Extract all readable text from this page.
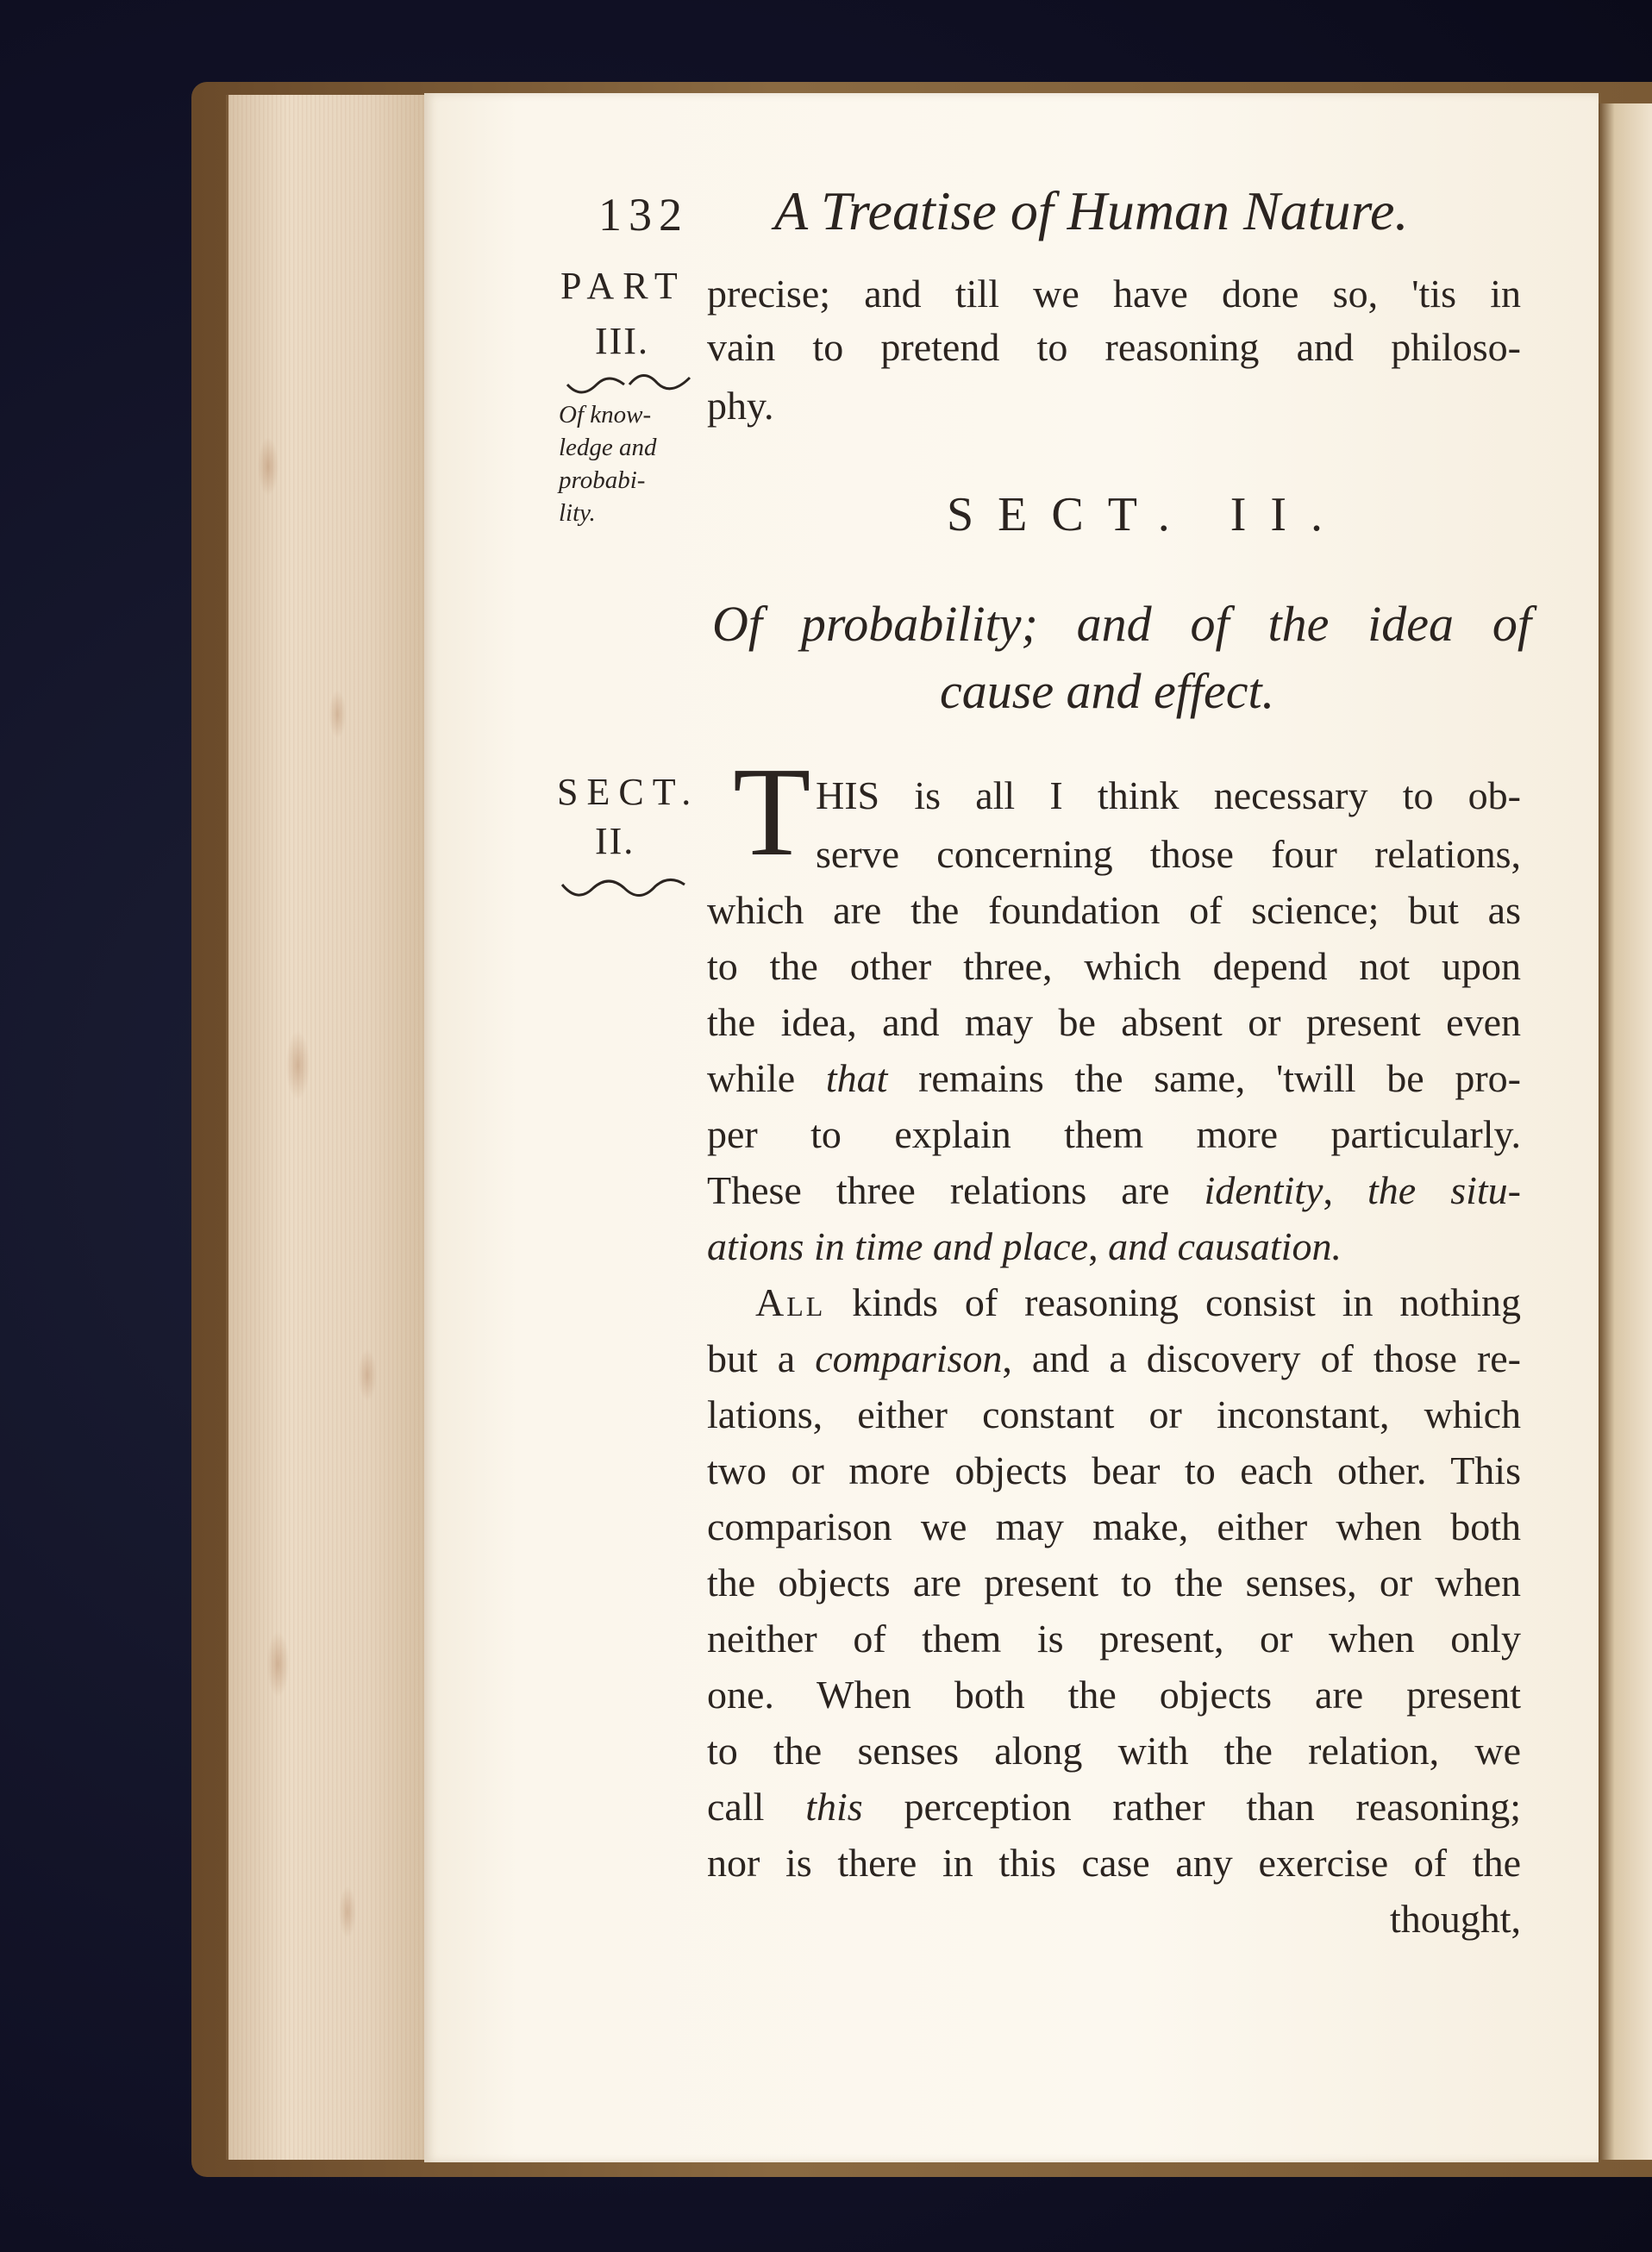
132 A Treatise of Human Nature.
PART
III.
Of know-
ledge and
probabi-
lity.
SECT.
II.
precise; and till we have done so, 'tis in
vain to pretend to reasoning and philoso-
phy.
SECT. II.
Of probability; and of the idea of
cause and effect.
T HIS is all I think necessary to ob-
serve concerning those four relations,
which are the foundation of science; but as
to the other three, which depend not upon
the idea, and may be absent or present even
while that remains the same, 'twill be pro-
per to explain them more particularly.
These three relations are identity, the situ-
ations in time and place, and causation.
All kinds of reasoning consist in nothing
but a comparison, and a discovery of those re-
lations, either constant or inconstant, which
two or more objects bear to each other. This
comparison we may make, either when both
the objects are present to the senses, or when
neither of them is present, or when only
one. When both the objects are present
to the senses along with the relation, we
call this perception rather than reasoning;
nor is there in this case any exercise of the
thought,
